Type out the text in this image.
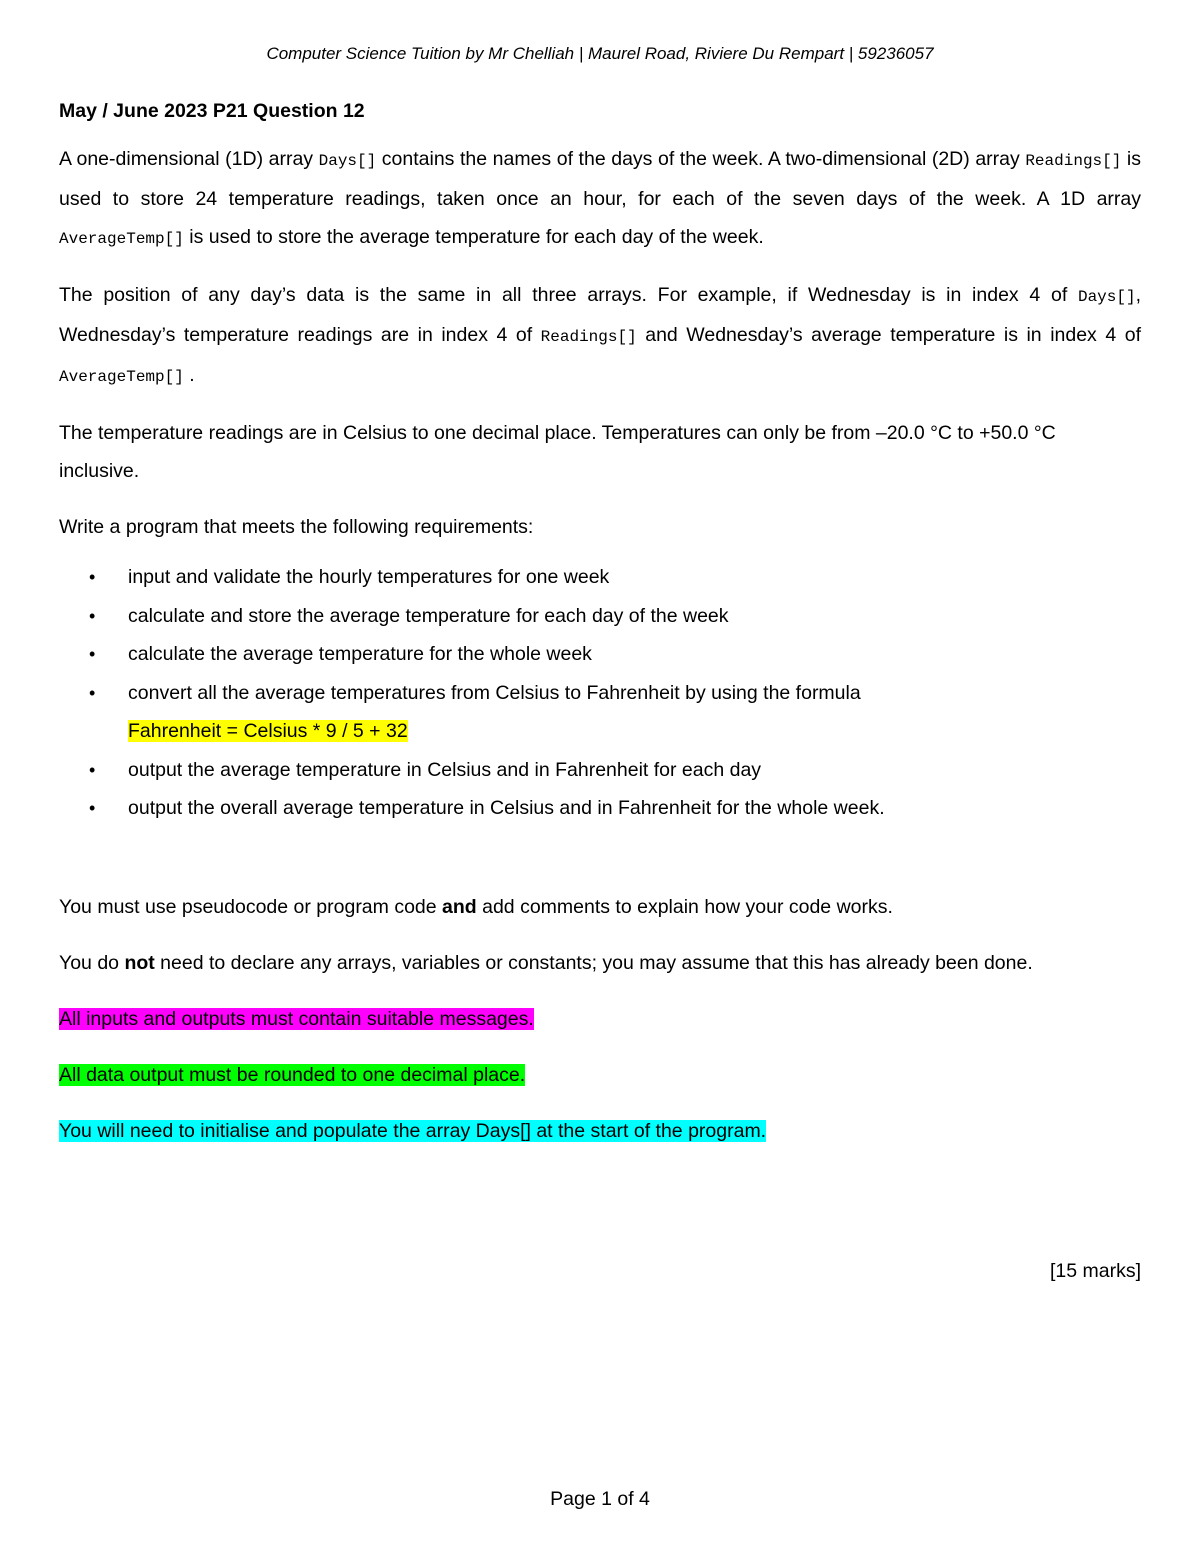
Computer Science Tuition by Mr Chelliah | Maurel Road, Riviere Du Rempart | 59236057
May / June 2023 P21 Question 12

A one-dimensional (1D) array Days[] contains the names of the days of the week. A two-dimensional (2D) array Readings[] is used to store 24 temperature readings, taken once an hour, for each of the seven days of the week. A 1D array AverageTemp[] is used to store the average temperature for each day of the week.

The position of any day’s data is the same in all three arrays. For example, if Wednesday is in index 4 of Days[], Wednesday’s temperature readings are in index 4 of Readings[] and Wednesday’s average temperature is in index 4 of AverageTemp[] .

The temperature readings are in Celsius to one decimal place. Temperatures can only be from –20.0 °C to +50.0 °C inclusive.

Write a program that meets the following requirements:

• input and validate the hourly temperatures for one week
• calculate and store the average temperature for each day of the week
• calculate the average temperature for the whole week
• convert all the average temperatures from Celsius to Fahrenheit by using the formula
Fahrenheit = Celsius * 9 / 5 + 32
• output the average temperature in Celsius and in Fahrenheit for each day
• output the overall average temperature in Celsius and in Fahrenheit for the whole week.

You must use pseudocode or program code and add comments to explain how your code works.

You do not need to declare any arrays, variables or constants; you may assume that this has already been done.

All inputs and outputs must contain suitable messages.

All data output must be rounded to one decimal place.

You will need to initialise and populate the array Days[] at the start of the program.

[15 marks]
Page 1 of 4
